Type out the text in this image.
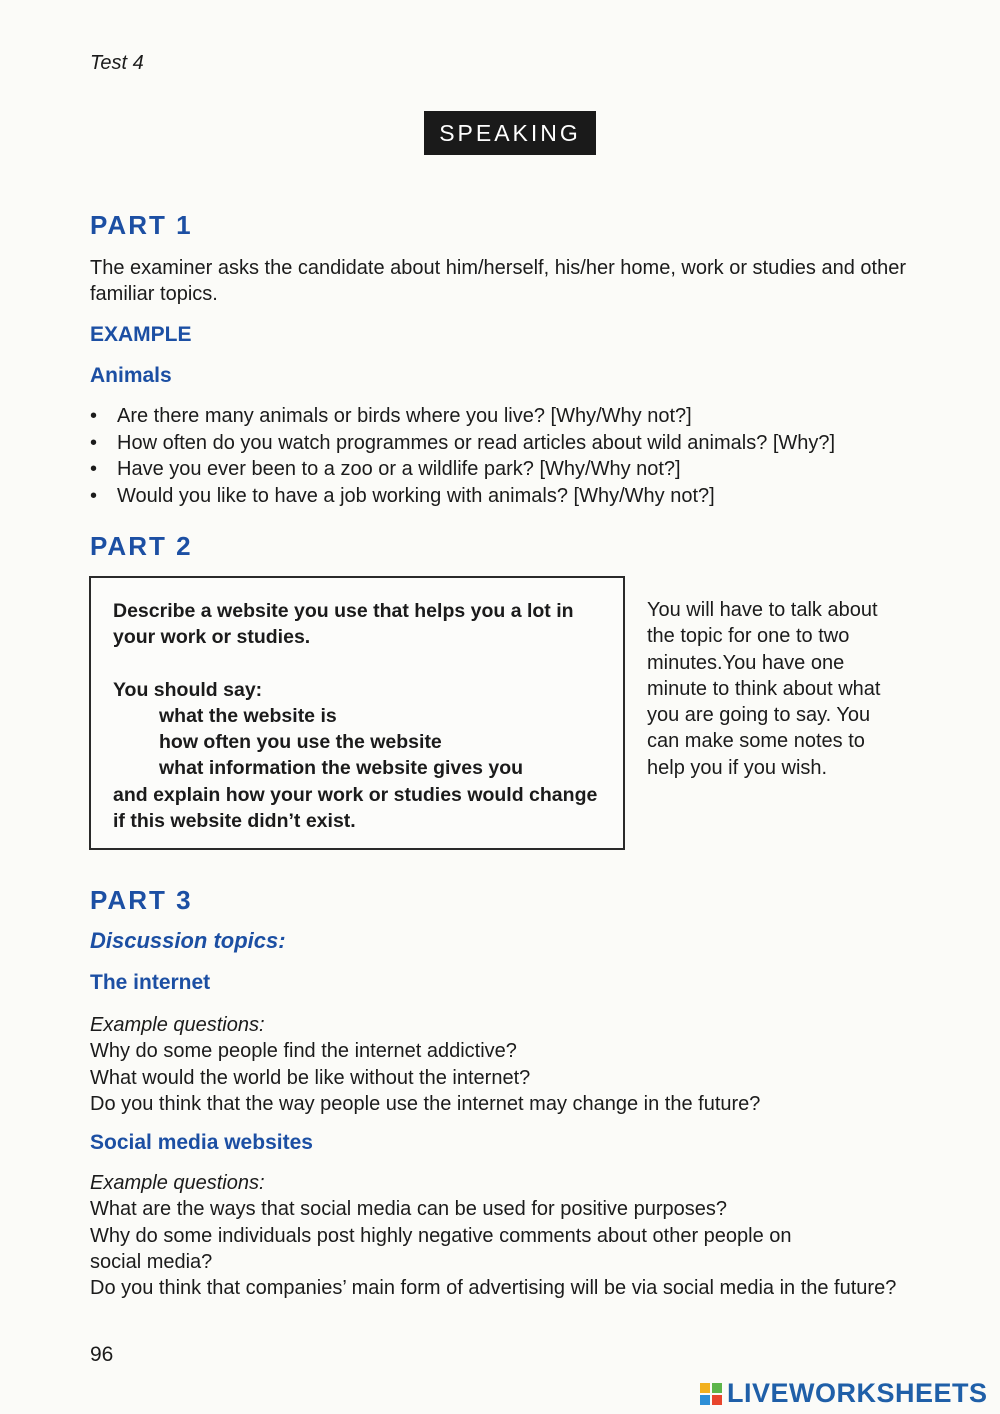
Test 4
SPEAKING
PART 1
The examiner asks the candidate about him/herself, his/her home, work or studies and other familiar topics.
EXAMPLE
Animals
• Are there many animals or birds where you live? [Why/Why not?]
• How often do you watch programmes or read articles about wild animals? [Why?]
• Have you ever been to a zoo or a wildlife park? [Why/Why not?]
• Would you like to have a job working with animals? [Why/Why not?]
PART 2

Describe a website you use that helps you a lot in your work or studies.

You should say:

what the website is

how often you use the website

what information the website gives you

and explain how your work or studies would change if this website didn’t exist.

You will have to talk about the topic for one to two minutes.You have one minute to think about what you are going to say. You can make some notes to help you if you wish.
PART 3
Discussion topics:
The internet

Example questions:

Why do some people find the internet addictive?

What would the world be like without the internet?

Do you think that the way people use the internet may change in the future?

Social media websites

Example questions:

What are the ways that social media can be used for positive purposes?

Why do some individuals post highly negative comments about other people on social media?

Do you think that companies’ main form of advertising will be via social media in the future?

96
LIVEWORKSHEETS
